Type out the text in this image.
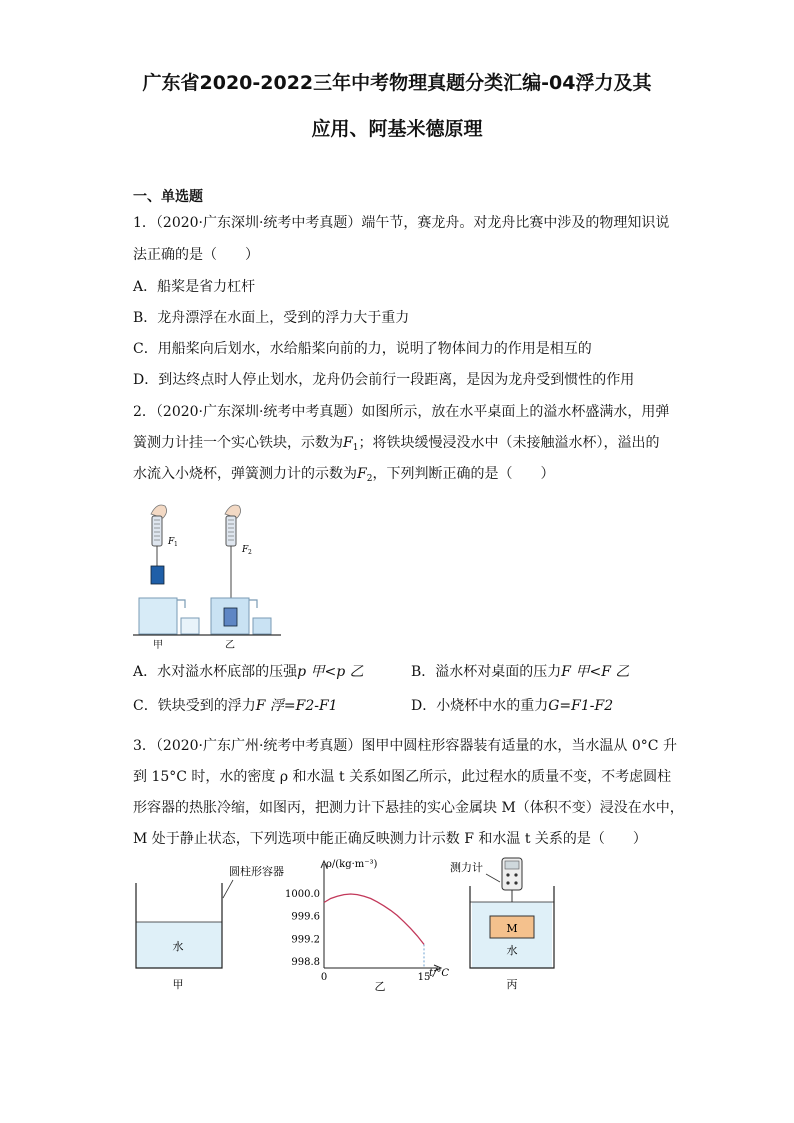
广东省2020-2022三年中考物理真题分类汇编-04浮力及其
应用、阿基米德原理
一、单选题
1．（2020·广东深圳·统考中考真题）端午节，赛龙舟。对龙舟比赛中涉及的物理知识说
法正确的是（　　）
A．船桨是省力杠杆
B．龙舟漂浮在水面上，受到的浮力大于重力
C．用船桨向后划水，水给船桨向前的力，说明了物体间力的作用是相互的
D．到达终点时人停止划水，龙舟仍会前行一段距离，是因为龙舟受到惯性的作用
2．（2020·广东深圳·统考中考真题）如图所示，放在水平桌面上的溢水杯盛满水，用弹
簧测力计挂一个实心铁块，示数为$F_1$；将铁块缓慢浸没水中（未接触溢水杯），溢出的
水流入小烧杯，弹簧测力计的示数为$F_2$，下列判断正确的是（　　）
F 1
F 2
甲	乙
A．水对溢水杯底部的压强p 甲<p 乙	B．溢水杯对桌面的压力F 甲<F 乙
C．铁块受到的浮力F 浮=F2-F1	D．小烧杯中水的重力G=F1-F2
3．（2020·广东广州·统考中考真题）图甲中圆柱形容器装有适量的水，当水温从 0°C 升
到 15°C 时，水的密度 ρ 和水温 t 关系如图乙所示，此过程水的质量不变，不考虑圆柱
形容器的热胀冷缩，如图丙，把测力计下悬挂的实心金属块 M（体积不变）浸没在水中，
M 处于静止状态，下列选项中能正确反映测力计示数 F 和水温 t 关系的是（　　）
圆柱形容器
水
甲
ρ/(kg·m⁻³)
t/°C
1000.0
999.6
999.2
998.8
0	15
乙
测力计
M
水
丙
